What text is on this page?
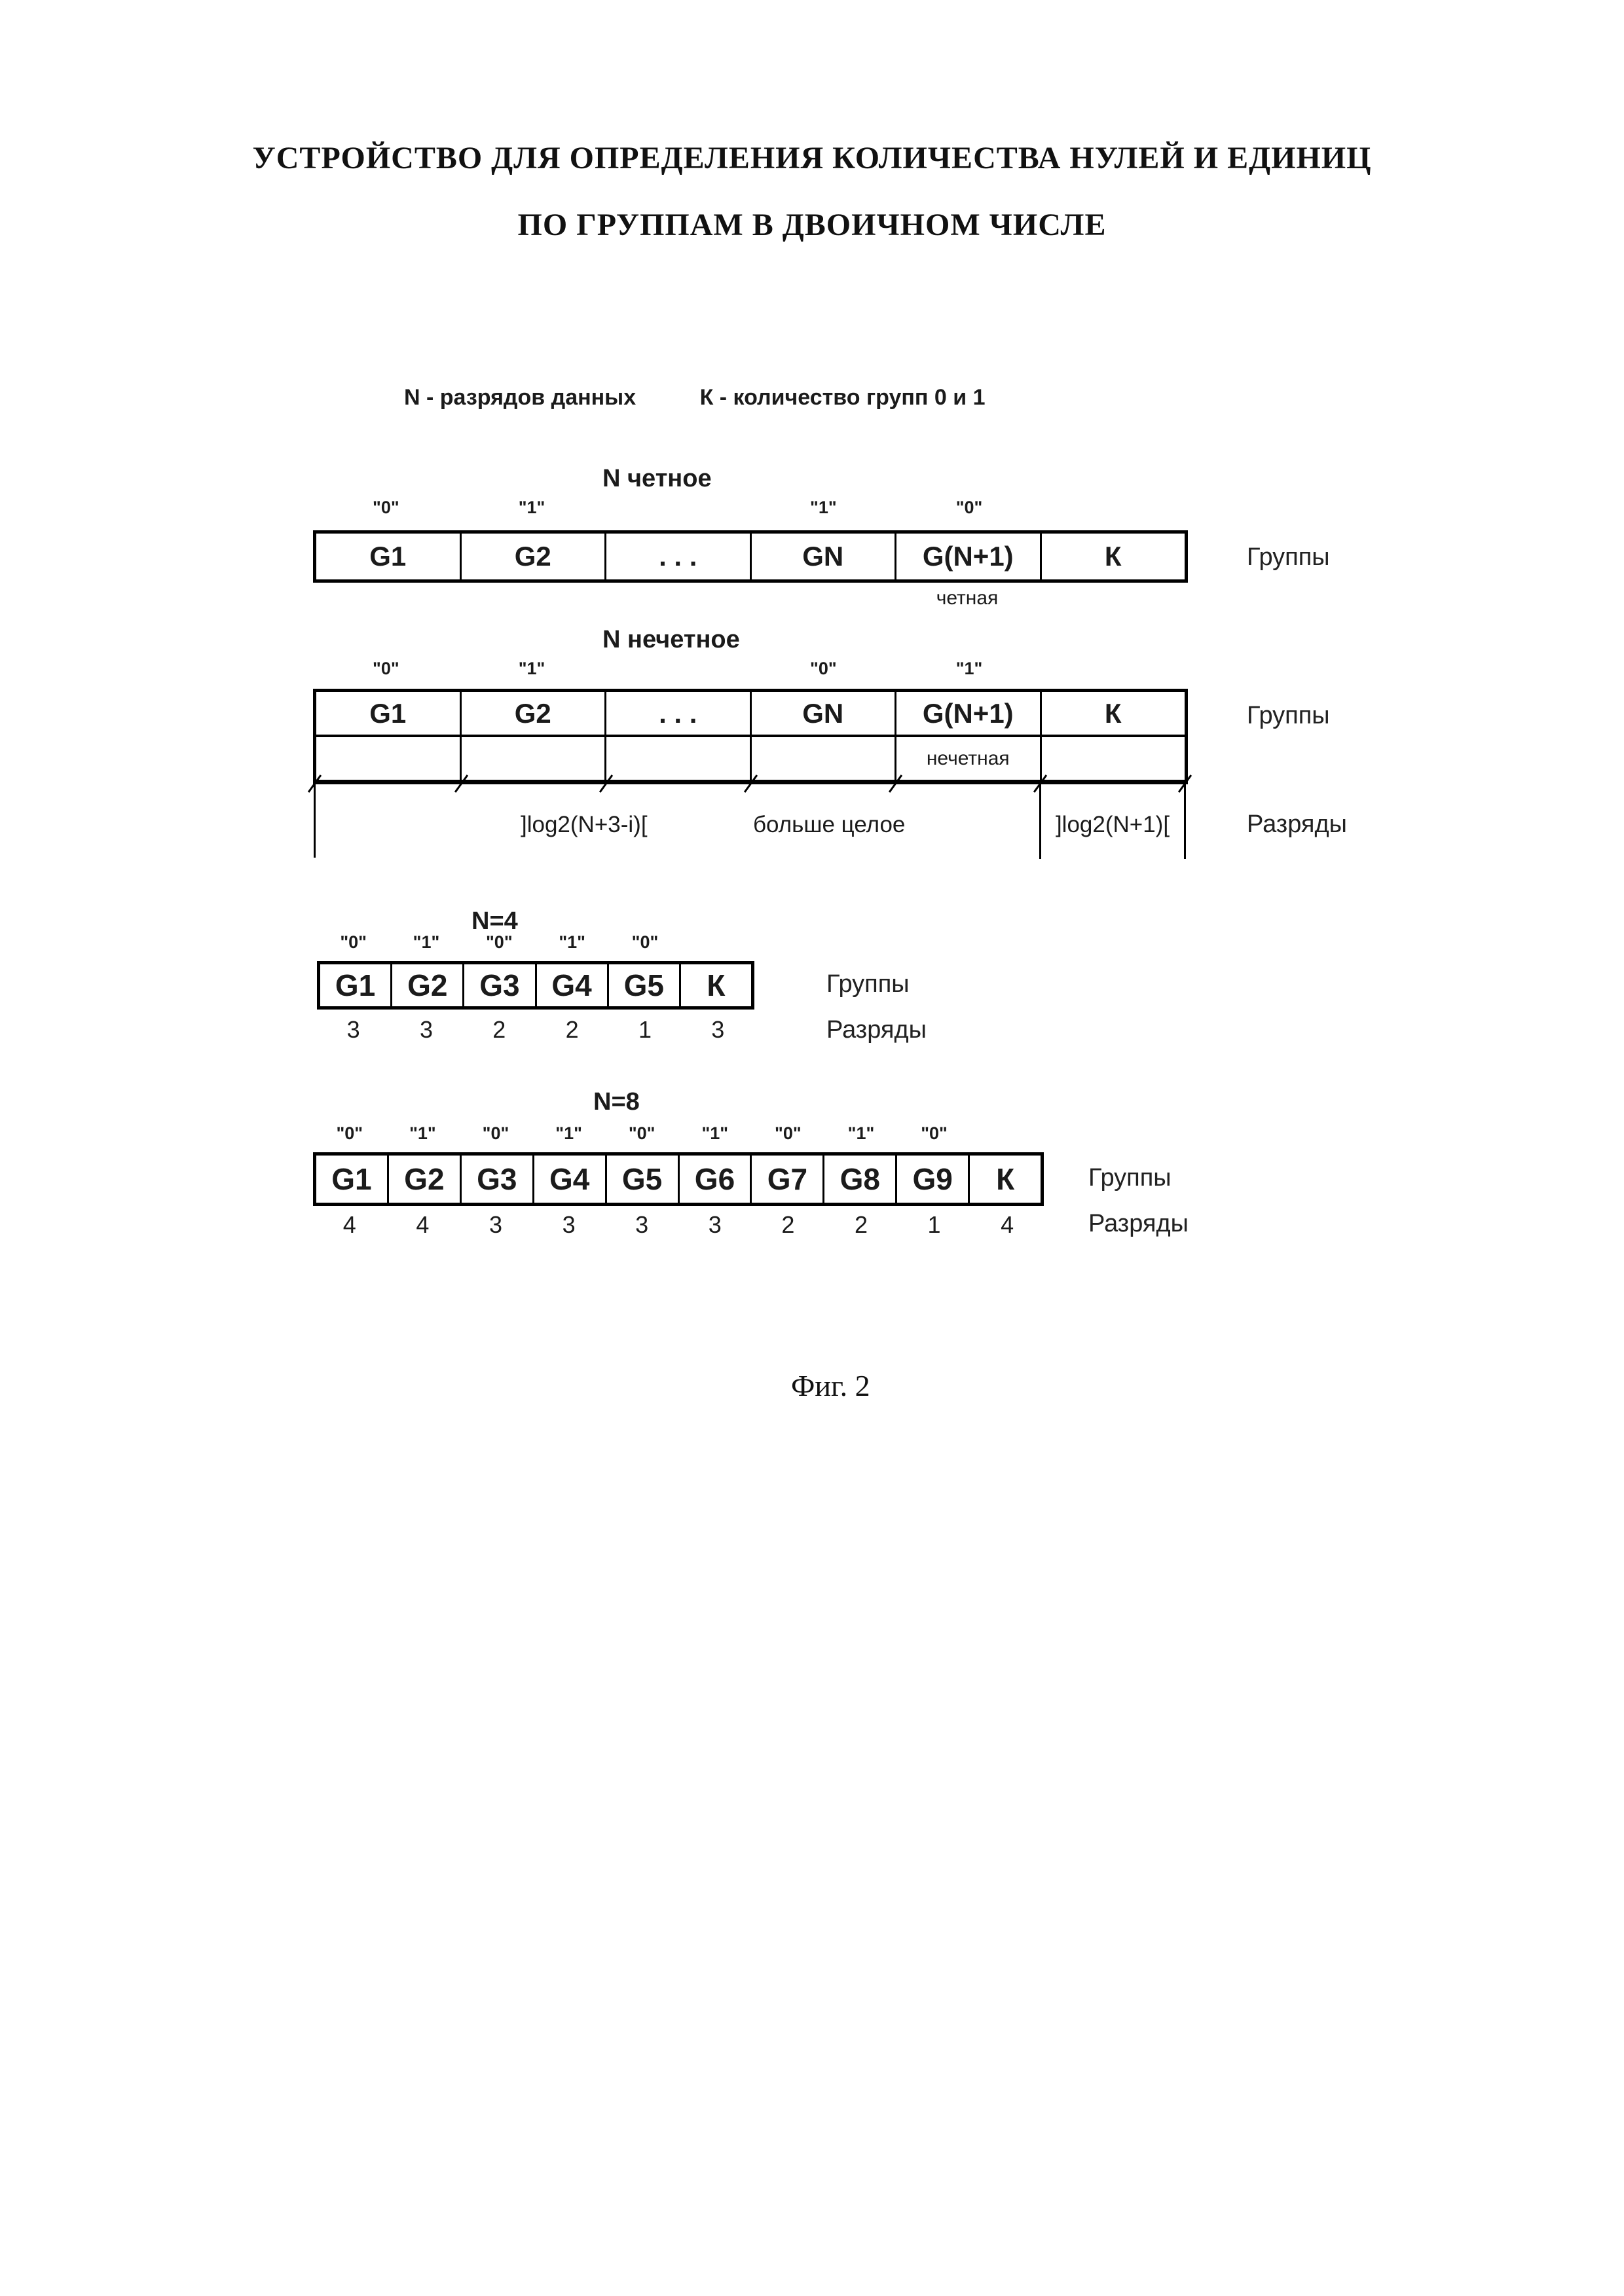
УСТРОЙСТВО ДЛЯ ОПРЕДЕЛЕНИЯ КОЛИЧЕСТВА НУЛЕЙ И ЕДИНИЦ
ПО ГРУППАМ В ДВОИЧНОМ ЧИСЛЕ
N - разрядов данных	К - количество групп 0 и 1
N четное
"0"	"1"	"1"	"0"
G1	G2	. . .	GN	G(N+1)	К	Группы
четная
N нечетное
"0"	"1"	"0"	"1"
G1	G2	. . .	GN	G(N+1)	К
нечетная
Группы
]log2(N+3-i)[	больше целое	]log2(N+1)[	Разряды
N=4
"0"	"1"	"0"	"1"	"0"
G1	G2	G3	G4	G5	К
3	3	2	2	1	3
Группы
Разряды
N=8
"0"	"1"	"0"	"1"	"0"	"1"	"0"	"1"	"0"
G1	G2	G3	G4	G5	G6	G7	G8	G9	К
4	4	3	3	3	3	2	2	1	4
Группы
Разряды
Фиг. 2
